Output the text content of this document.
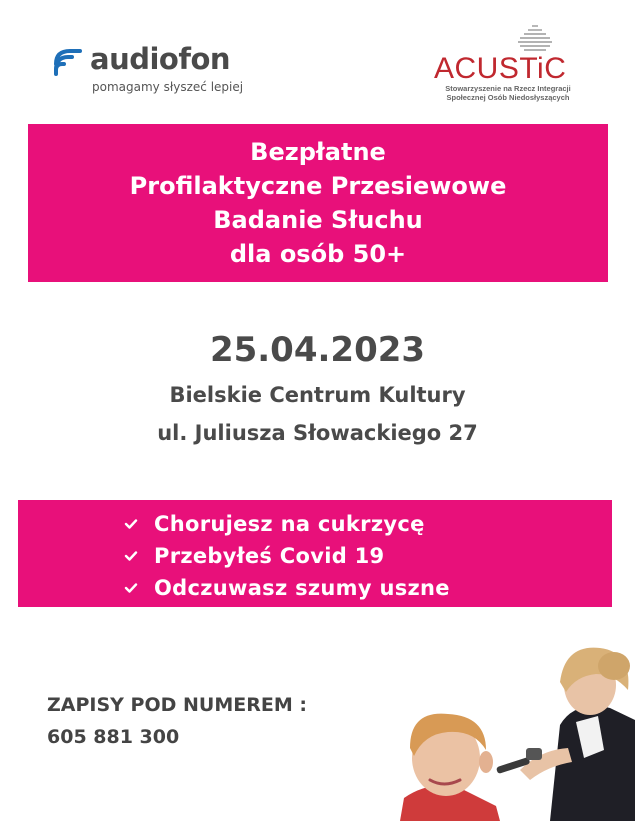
audiofon
pomagamy słyszeć lepiej
ACUSTiC
Stowarzyszenie na Rzecz Integracji
Społecznej Osób Niedosłyszących
Bezpłatne
Profilaktyczne Przesiewowe
Badanie Słuchu
dla osób 50+
25.04.2023
Bielskie Centrum Kultury
ul. Juliusza Słowackiego 27
Chorujesz na cukrzycę
Przebyłeś Covid 19
Odczuwasz szumy uszne
ZAPISY POD NUMEREM :
605 881 300
